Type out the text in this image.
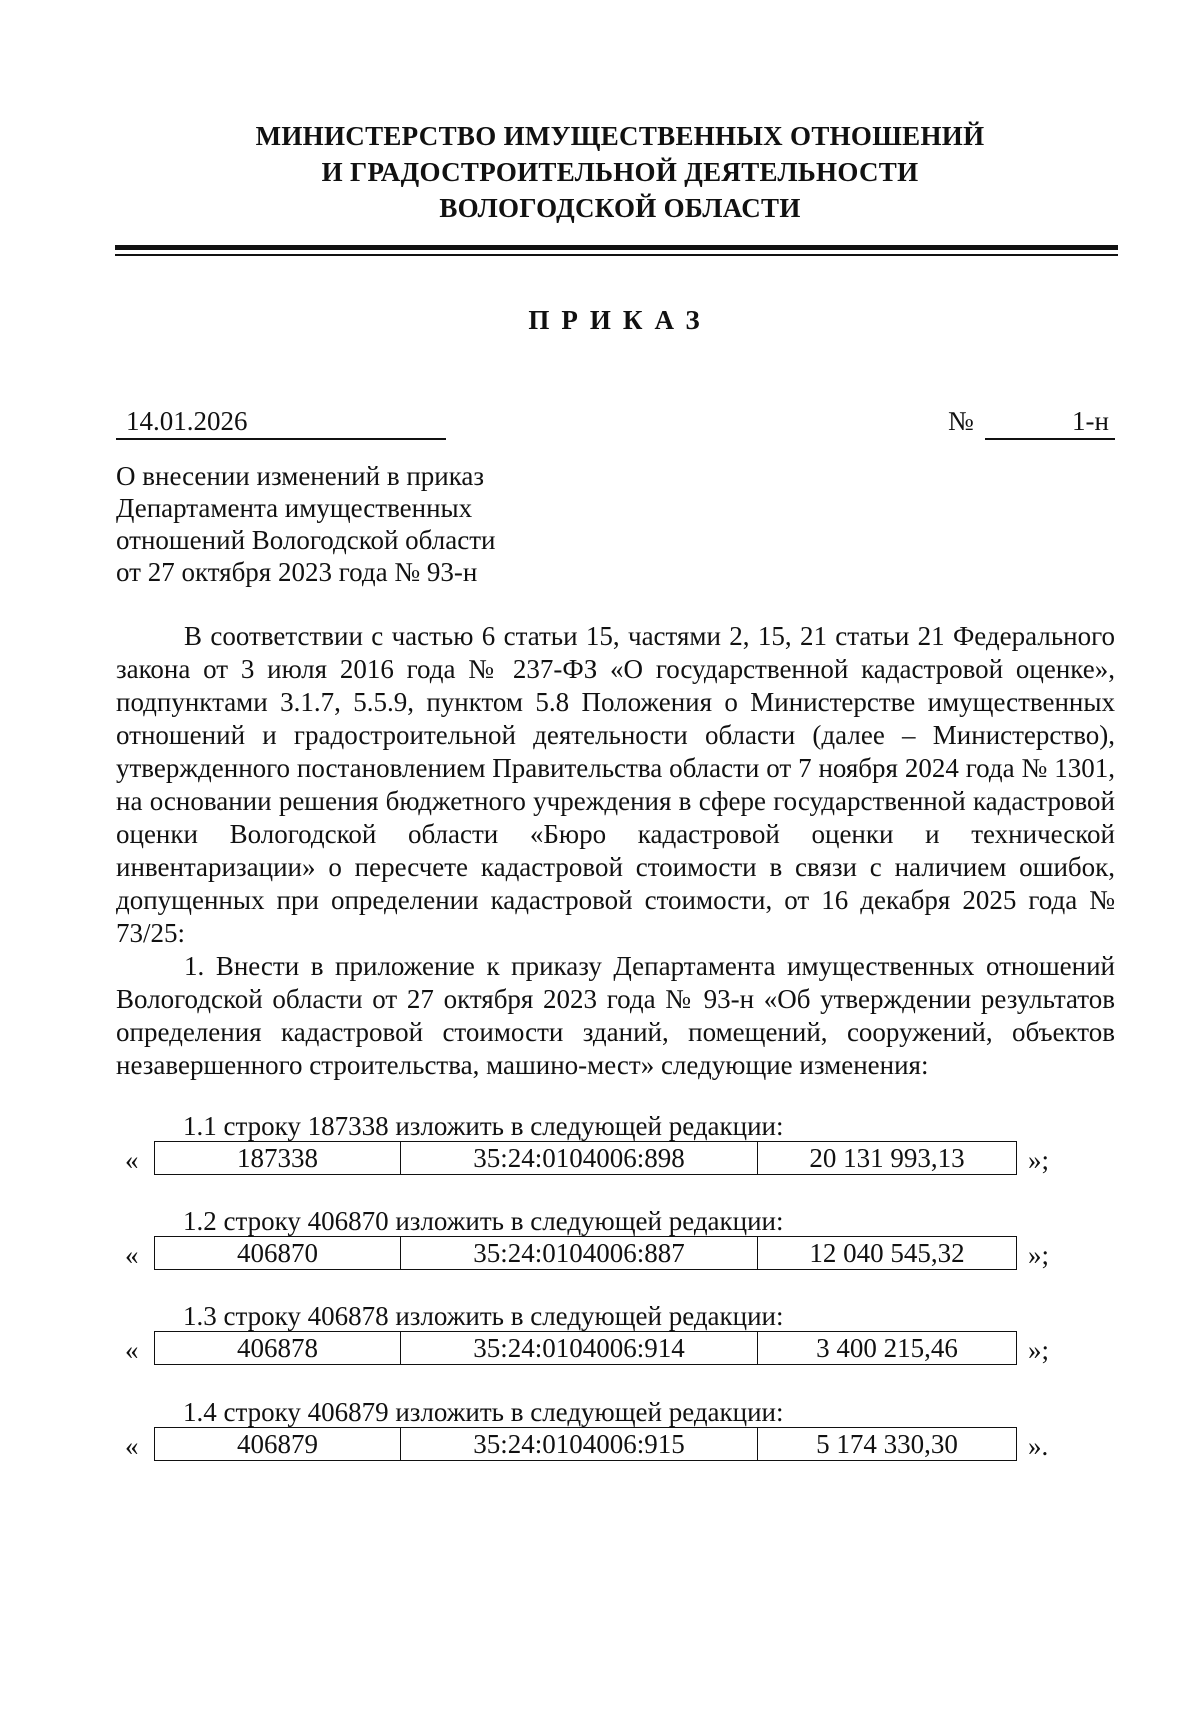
МИНИСТЕРСТВО ИМУЩЕСТВЕННЫХ ОТНОШЕНИЙ
И ГРАДОСТРОИТЕЛЬНОЙ ДЕЯТЕЛЬНОСТИ
ВОЛОГОДСКОЙ ОБЛАСТИ
ПРИКАЗ
14.01.2026	№	1-н
О внесении изменений в приказ
Департамента имущественных
отношений Вологодской области
от 27 октября 2023 года № 93-н

В соответствии с частью 6 статьи 15, частями 2, 15, 21 статьи 21 Федерального закона от 3 июля 2016 года № 237-ФЗ «О государственной кадастровой оценке», подпунктами 3.1.7, 5.5.9, пунктом 5.8 Положения о Министерстве имущественных отношений и градостроительной деятельности области (далее – Министерство), утвержденного постановлением Правительства области от 7 ноября 2024 года № 1301, на основании решения бюджетного учреждения в сфере государственной кадастровой оценки Вологодской области «Бюро кадастровой оценки и технической инвентаризации» о пересчете кадастровой стоимости в связи с наличием ошибок, допущенных при определении кадастровой стоимости, от 16 декабря 2025 года № 73/25:

1. Внести в приложение к приказу Департамента имущественных отношений Вологодской области от 27 октября 2023 года № 93-н «Об утверждении результатов определения кадастровой стоимости зданий, помещений, сооружений, объектов незавершенного строительства, машино-мест» следующие изменения:

1.1 строку 187338 изложить в следующей редакции:
«	187338	35:24:0104006:898	20 131 993,13	»;
1.2 строку 406870 изложить в следующей редакции:
«	406870	35:24:0104006:887	12 040 545,32	»;
1.3 строку 406878 изложить в следующей редакции:
«	406878	35:24:0104006:914	3 400 215,46	»;
1.4 строку 406879 изложить в следующей редакции:
«	406879	35:24:0104006:915	5 174 330,30	».
